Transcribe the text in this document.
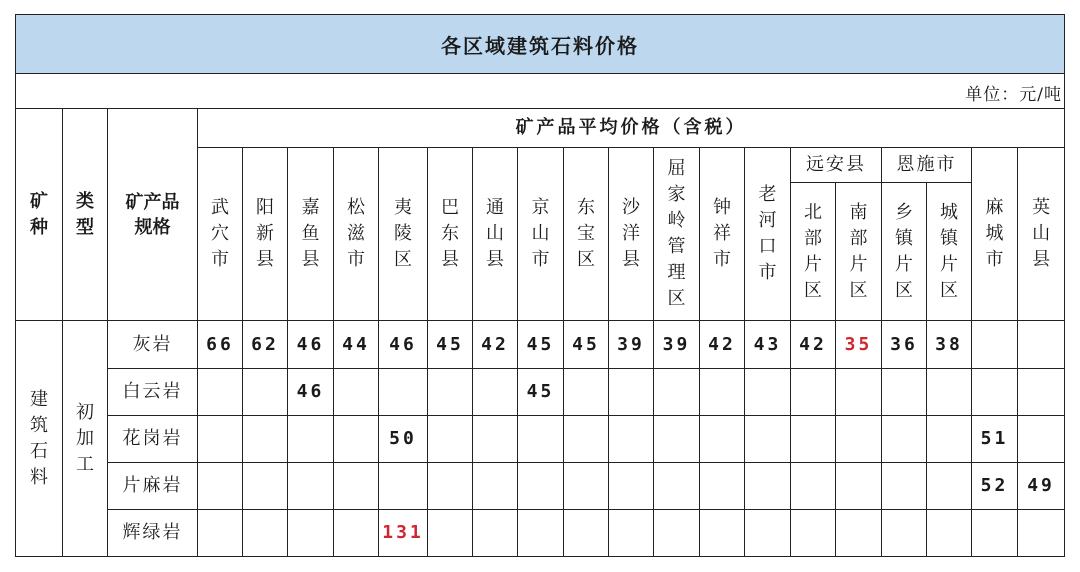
各区域建筑石料价格
单位：元/吨
矿种	类型	矿产品规格	矿产品平均价格（含税）																		
			武穴市	阳新县	嘉鱼县	松滋市	夷陵区	巴东县	通山县	京山市	东宝区	沙洋县	屈家岭管理区	钟祥市	老河口市	远安县		恩施市		麻城市	英山县
																北部片区	南部片区	乡镇片区	城镇片区		
建筑石料	初加工	灰岩	66	62	46	44	46	45	42	45	45	39	39	42	43	42	35	36	38		
		白云岩			46					45											
		花岗岩					50													51	
		片麻岩																		52	49
		辉绿岩					131														
